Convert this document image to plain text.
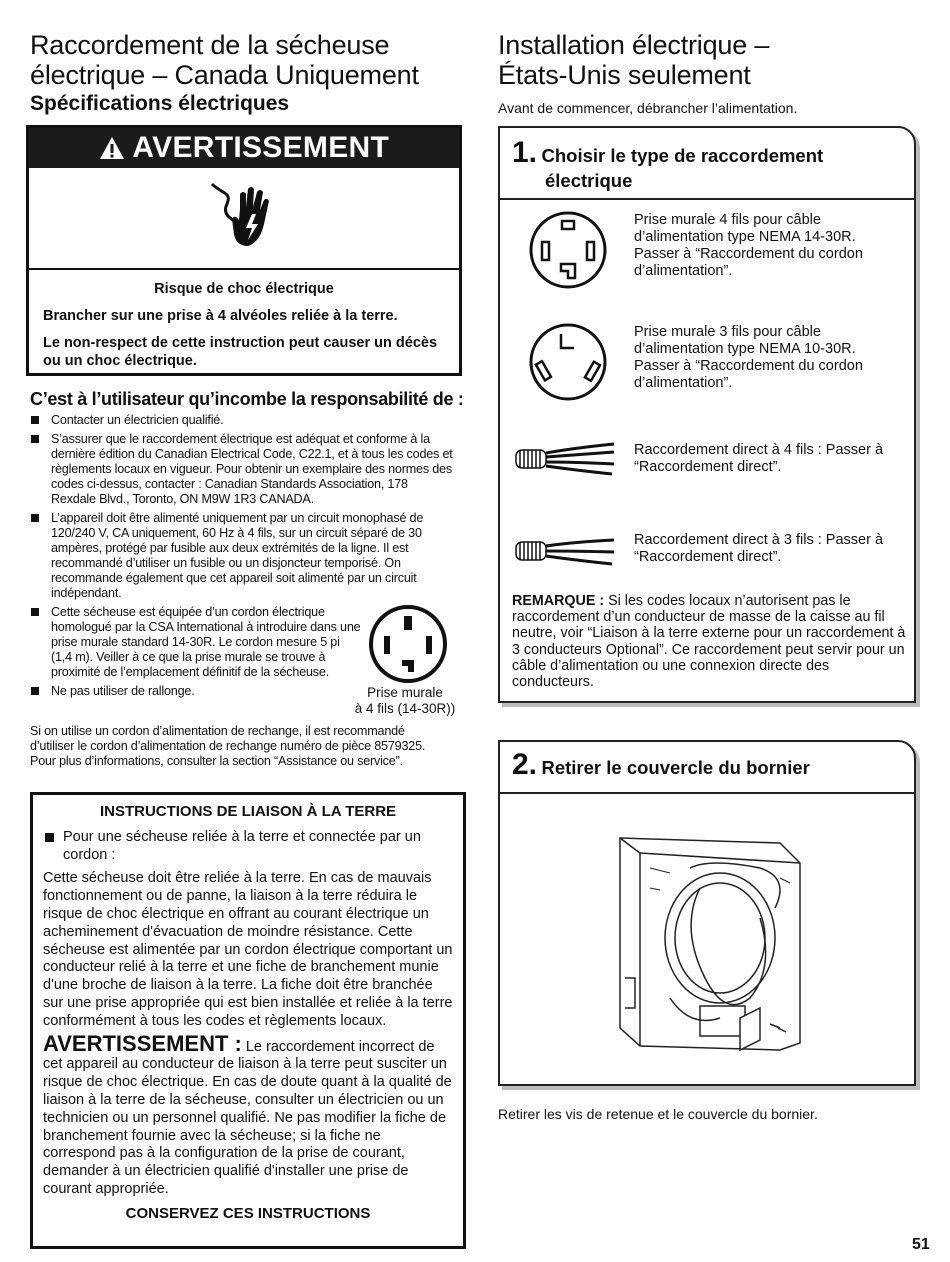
Raccordement de la sécheuse
électrique – Canada Uniquement
Spécifications électriques
AVERTISSEMENT

Risque de choc électrique

Brancher sur une prise à 4 alvéoles reliée à la terre.

Le non-respect de cette instruction peut causer un décès ou un choc électrique.

C’est à l’utilisateur qu’incombe la responsabilité de :
Contacter un électricien qualifié.
S’assurer que le raccordement électrique est adéquat et conforme à la dernière édition du Canadian Electrical Code, C22.1, et à tous les codes et règlements locaux en vigueur. Pour obtenir un exemplaire des normes des codes ci-dessus, contacter : Canadian Standards Association, 178 Rexdale Blvd., Toronto, ON M9W 1R3 CANADA.
L’appareil doit être alimenté uniquement par un circuit monophasé de 120/240 V, CA uniquement, 60 Hz à 4 fils, sur un circuit séparé de 30 ampères, protégé par fusible aux deux extrémités de la ligne. Il est recommandé d’utiliser un fusible ou un disjoncteur temporisé. On recommande également que cet appareil soit alimenté par un circuit indépendant.
Cette sécheuse est équipée d’un cordon électrique homologué par la CSA International à introduire dans une prise murale standard 14-30R. Le cordon mesure 5 pi (1,4 m). Veiller à ce que la prise murale se trouve à proximité de l’emplacement définitif de la sécheuse.
Ne pas utiliser de rallonge.	Prise murale
à 4 fils (14-30R))
Si on utilise un cordon d’alimentation de rechange, il est recommandé d’utiliser le cordon d’alimentation de rechange numéro de pièce 8579325. Pour plus d’informations, consulter la section “Assistance ou service”.
INSTRUCTIONS DE LIAISON À LA TERRE
Pour une sécheuse reliée à la terre et connectée par un cordon :
Cette sécheuse doit être reliée à la terre. En cas de mauvais fonctionnement ou de panne, la liaison à la terre réduira le risque de choc électrique en offrant au courant électrique un acheminement d'évacuation de moindre résistance. Cette sécheuse est alimentée par un cordon électrique comportant un conducteur relié à la terre et une fiche de branchement munie d'une broche de liaison à la terre. La fiche doit être branchée sur une prise appropriée qui est bien installée et reliée à la terre conformément à tous les codes et règlements locaux.
AVERTISSEMENT : Le raccordement incorrect de cet appareil au conducteur de liaison à la terre peut susciter un risque de choc électrique. En cas de doute quant à la qualité de liaison à la terre de la sécheuse, consulter un électricien ou un technicien ou un personnel qualifié. Ne pas modifier la fiche de branchement fournie avec la sécheuse; si la fiche ne correspond pas à la configuration de la prise de courant, demander à un électricien qualifié d'installer une prise de courant appropriée.
CONSERVEZ CES INSTRUCTIONS
Installation électrique –
États-Unis seulement
Avant de commencer, débrancher l’alimentation.
1. Choisir le type de raccordement
électrique
Prise murale 4 fils pour câble d’alimentation type NEMA 14-30R. Passer à “Raccordement du cordon d’alimentation”.
Prise murale 3 fils pour câble d’alimentation type NEMA 10-30R. Passer à “Raccordement du cordon d’alimentation”.
Raccordement direct à 4 fils : Passer à “Raccordement direct”.
Raccordement direct à 3 fils : Passer à “Raccordement direct”.
REMARQUE : Si les codes locaux n’autorisent pas le raccordement d’un conducteur de masse de la caisse au fil neutre, voir “Liaison à la terre externe pour un raccordement à 3 conducteurs Optional”. Ce raccordement peut servir pour un câble d’alimentation ou une connexion directe des conducteurs.
2. Retirer le couvercle du bornier
Retirer les vis de retenue et le couvercle du bornier.
51
